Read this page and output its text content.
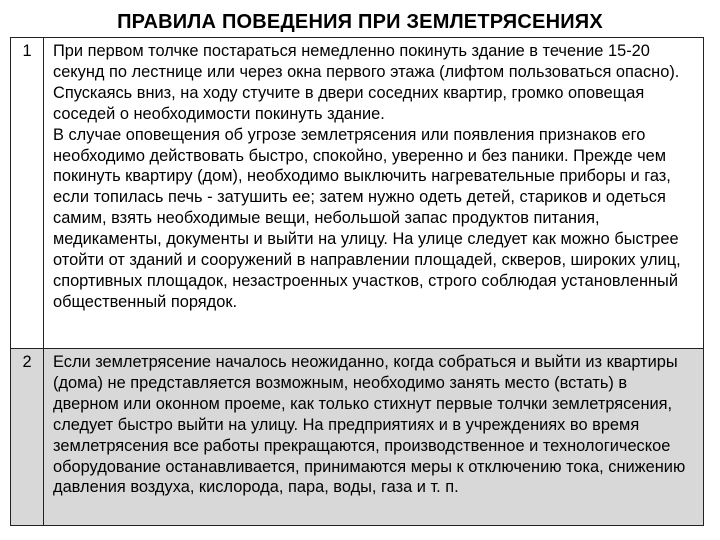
ПРАВИЛА ПОВЕДЕНИЯ ПРИ ЗЕМЛЕТРЯСЕНИЯХ
1	При первом толчке постараться немедленно покинуть здание в течение 15-20 секунд по лестнице или через окна первого этажа (лифтом пользоваться опасно). Спускаясь вниз, на ходу стучите в двери соседних квартир, громко оповещая соседей о необходимости покинуть здание.
В случае оповещения об угрозе землетрясения или появления признаков его необходимо действовать быстро, спокойно, уверенно и без паники. Прежде чем покинуть квартиру (дом), необходимо выключить нагревательные приборы и газ, если топилась печь - затушить ее; затем нужно одеть детей, стариков и одеться самим, взять необходимые вещи, небольшой запас продуктов питания, медикаменты, документы и выйти на улицу. На улице следует как можно быстрее отойти от зданий и сооружений в направлении площадей, скверов, широких улиц, спортивных площадок, незастроенных участков, строго соблюдая установленный общественный порядок.

2	Если землетрясение началось неожиданно, когда собраться и выйти из квартиры (дома) не представляется возможным, необходимо занять место (встать) в дверном или оконном проеме, как только стихнут первые толчки землетрясения, следует быстро выйти на улицу. На предприятиях и в учреждениях во время землетрясения все работы прекращаются, производственное и технологическое оборудование останавливается, принимаются меры к отключению тока, снижению давления воздуха, кислорода, пара, воды, газа и т. п.
